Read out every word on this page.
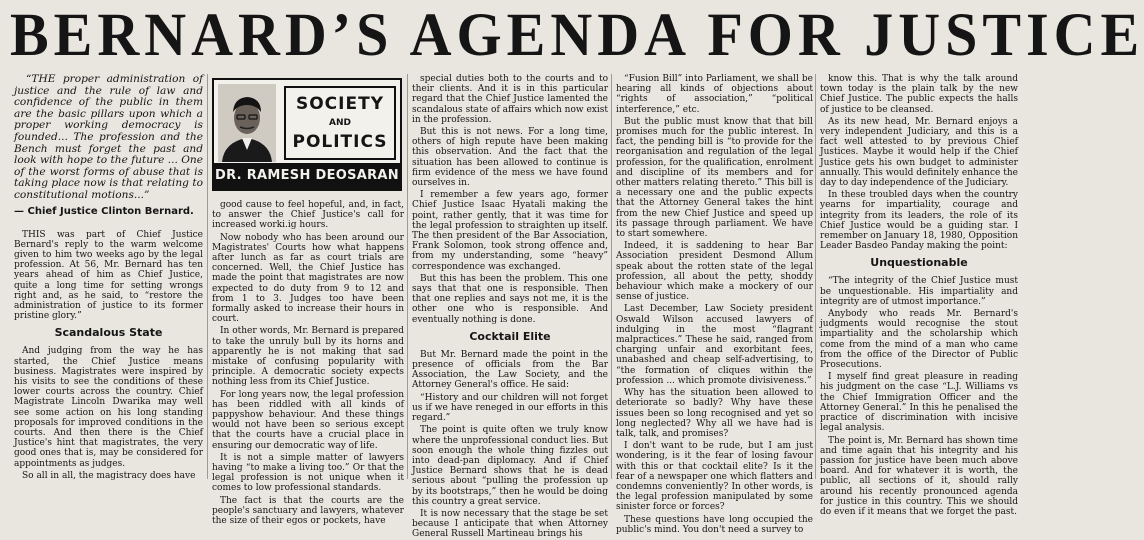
BERNARD’S AGENDA FOR JUSTICE

“THE proper administration of justice and the rule of law and confidence of the public in them are the basic pillars upon which a proper working democracy is founded... The profession and the Bench must forget the past and look with hope to the future ... One of the worst forms of abuse that is taking place now is that relating to constitutional motions...”

— Chief Justice Clinton Bernard.

THIS was part of Chief Justice Bernard's reply to the warm welcome given to him two weeks ago by the legal profession. At 56, Mr. Bernard has ten years ahead of him as Chief Justice, quite a long time for setting wrongs right and, as he said, to “restore the administration of justice to its former pristine glory.”

Scandalous State

And judging from the way he has started, the Chief Justice means business. Magistrates were inspired by his visits to see the conditions of these lower courts across the country. Chief Magistrate Lincoln Dwarika may well see some action on his long standing proposals for improved conditions in the courts. And then there is the Chief Justice's hint that magistrates, the very good ones that is, may be considered for appointments as judges.

So all in all, the magistracy does have

SOCIETY
AND
POLITICS
DR. RAMESH DEOSARAN

good cause to feel hopeful, and, in fact, to answer the Chief Justice's call for increased worki.ig hours.

Now nobody who has been around our Magistrates' Courts how what happens after lunch as far as court trials are concerned. Well, the Chief Justice has made the point that magistrates are now expected to do duty from 9 to 12 and from 1 to 3. Judges too have been formally asked to increase their hours in court.

In other words, Mr. Bernard is prepared to take the unruly bull by its horns and apparently he is not making that sad mistake of confusing popularity with principle. A democratic society expects nothing less from its Chief Justice.

For long years now, the legal profession has been riddled with all kinds of pappyshow behaviour. And these things would not have been so serious except that the courts have a crucial place in ensuring our democratic way of life.

It is not a simple matter of lawyers having “to make a living too.” Or that the legal profession is not unique when it comes to low professional standards.

The fact is that the courts are the people's sanctuary and lawyers, whatever the size of their egos or pockets, have

special duties both to the courts and to their clients. And it is in this particular regard that the Chief Justice lamented the scandalous state of affairs which now exist in the profession.

But this is not news. For a long time, others of high repute have been making this observation. And the fact that the situation has been allowed to continue is firm evidence of the mess we have found ourselves in.

I remember a few years ago, former Chief Justice Isaac Hyatali making the point, rather gently, that it was time for the legal profession to straighten up itself. The then president of the Bar Association, Frank Solomon, took strong offence and, from my understanding, some “heavy” correspondence was exchanged.

But this has been the problem. This one says that that one is responsible. Then that one replies and says not me, it is the other one who is responsible. And eventually nothing is done.

Cocktail Elite

But Mr. Bernard made the point in the presence of officials from the Bar Association, the Law Society, and the Attorney General's office. He said:

“History and our children will not forget us if we have reneged in our efforts in this regard.”

The point is quite often we truly know where the unprofessional conduct lies. But soon enough the whole thing fizzles out into dead-pan diplomacy. And if Chief Justice Bernard shows that he is dead serious about “pulling the profession up by its bootstraps,” then he would be doing this country a great service.

It is now necessary that the stage be set because I anticipate that when Attorney General Russell Martineau brings his

“Fusion Bill” into Parliament, we shall be hearing all kinds of objections about “rights of association,” “political interference,” etc.

But the public must know that that bill promises much for the public interest. In fact, the pending bill is “to provide for the reorganisation and regulation of the legal profession, for the qualification, enrolment and discipline of its members and for other matters relating thereto.” This bill is a necessary one and the public expects that the Attorney General takes the hint from the new Chief Justice and speed up its passage through parliament. We have to start somewhere.

Indeed, it is saddening to hear Bar Association president Desmond Allum speak about the rotten state of the legal profession, all about the petty, shoddy behaviour which make a mockery of our sense of justice.

Last December, Law Society president Oswald Wilson accused lawyers of indulging in the most “flagrant malpractices.” These he said, ranged from charging unfair and exorbitant fees, unabashed and cheap self-advertising, to “the formation of cliques within the profession ... which promote divisiveness.”

Why has the situation been allowed to deteriorate so badly? Why have these issues been so long recognised and yet so long neglected? Why all we have had is talk, talk, and promises?

I don't want to be rude, but I am just wondering, is it the fear of losing favour with this or that cocktail elite? Is it the fear of a newspaper one which flatters and condemns conveniently? In other words, is the legal profession manipulated by some sinister force or forces?

These questions have long occupied the public's mind. You don't need a survey to

know this. That is why the talk around town today is the plain talk by the new Chief Justice. The public expects the halls of justice to be cleansed.

As its new head, Mr. Bernard enjoys a very independent Judiciary, and this is a fact well attested to by previous Chief Justices. Maybe it would help if the Chief Justice gets his own budget to administer annually. This would definitely enhance the day to day independence of the Judiciary.

In these troubled days when the country yearns for impartiality, courage and integrity from its leaders, the role of its Chief Justice would be a guiding star. I remember on January 18, 1980, Opposition Leader Basdeo Panday making the point:

Unquestionable

“The integrity of the Chief Justice must be unquestionable. His impartiality and integrity are of utmost importance.”

Anybody who reads Mr. Bernard's judgments would recognise the stout impartiality and the scholarship which come from the mind of a man who came from the office of the Director of Public Prosecutions.

I myself find great pleasure in reading his judgment on the case “L.J. Williams vs the Chief Immigration Officer and the Attorney General.” In this he penalised the practice of discrimination with incisive legal analysis.

The point is, Mr. Bernard has shown time and time again that his integrity and his passion for justice have been much above board. And for whatever it is worth, the public, all sections of it, should rally around his recently pronounced agenda for justice in this country. This we should do even if it means that we forget the past.
